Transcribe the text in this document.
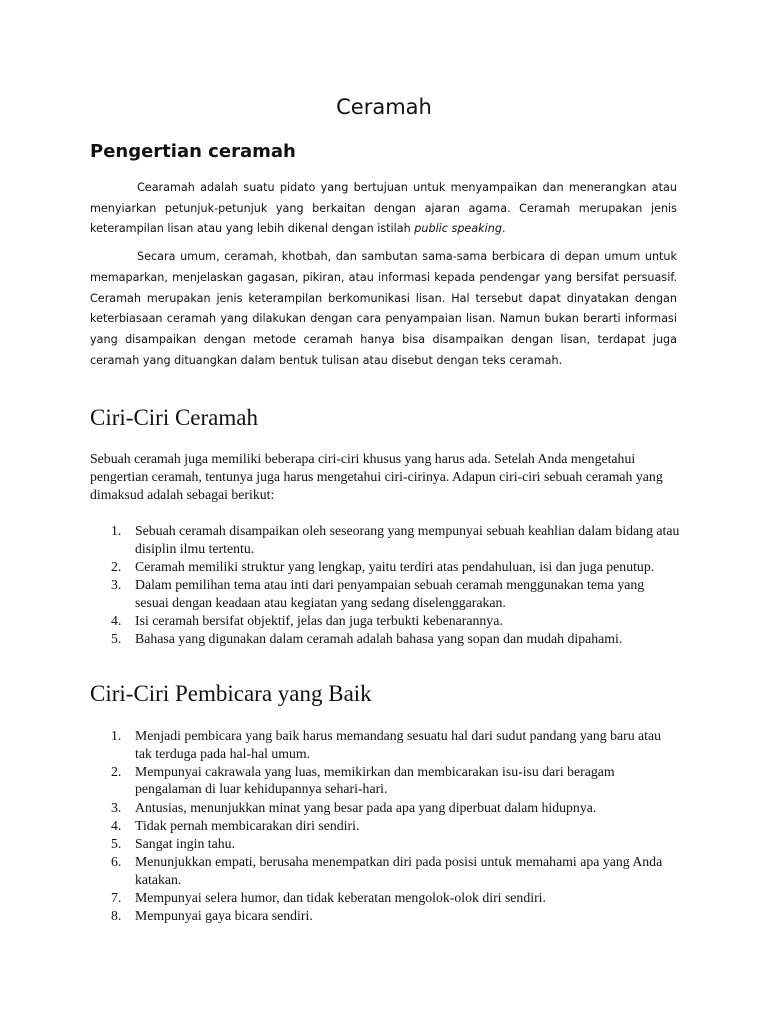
Ceramah
Pengertian ceramah

Cearamah adalah suatu pidato yang bertujuan untuk menyampaikan dan menerangkan atau menyiarkan petunjuk-petunjuk yang berkaitan dengan ajaran agama. Ceramah merupakan jenis keterampilan lisan atau yang lebih dikenal dengan istilah public speaking.

Secara umum, ceramah, khotbah, dan sambutan sama-sama berbicara di depan umum untuk memaparkan, menjelaskan gagasan, pikiran, atau informasi kepada pendengar yang bersifat persuasif. Ceramah merupakan jenis keterampilan berkomunikasi lisan. Hal tersebut dapat dinyatakan dengan keterbiasaan ceramah yang dilakukan dengan cara penyampaian lisan. Namun bukan berarti informasi yang disampaikan dengan metode ceramah hanya bisa disampaikan dengan lisan, terdapat juga ceramah yang dituangkan dalam bentuk tulisan atau disebut dengan teks ceramah.

Ciri-Ciri Ceramah

Sebuah ceramah juga memiliki beberapa ciri-ciri khusus yang harus ada. Setelah Anda mengetahui pengertian ceramah, tentunya juga harus mengetahui ciri-cirinya. Adapun ciri-ciri sebuah ceramah yang dimaksud adalah sebagai berikut:

1. Sebuah ceramah disampaikan oleh seseorang yang mempunyai sebuah keahlian dalam bidang atau disiplin ilmu tertentu.
2. Ceramah memiliki struktur yang lengkap, yaitu terdiri atas pendahuluan, isi dan juga penutup.
3. Dalam pemilihan tema atau inti dari penyampaian sebuah ceramah menggunakan tema yang sesuai dengan keadaan atau kegiatan yang sedang diselenggarakan.
4. Isi ceramah bersifat objektif, jelas dan juga terbukti kebenarannya.
5. Bahasa yang digunakan dalam ceramah adalah bahasa yang sopan dan mudah dipahami.
Ciri-Ciri Pembicara yang Baik
1. Menjadi pembicara yang baik harus memandang sesuatu hal dari sudut pandang yang baru atau tak terduga pada hal-hal umum.
2. Mempunyai cakrawala yang luas, memikirkan dan membicarakan isu-isu dari beragam pengalaman di luar kehidupannya sehari-hari.
3. Antusias, menunjukkan minat yang besar pada apa yang diperbuat dalam hidupnya.
4. Tidak pernah membicarakan diri sendiri.
5. Sangat ingin tahu.
6. Menunjukkan empati, berusaha menempatkan diri pada posisi untuk memahami apa yang Anda katakan.
7. Mempunyai selera humor, dan tidak keberatan mengolok-olok diri sendiri.
8. Mempunyai gaya bicara sendiri.
